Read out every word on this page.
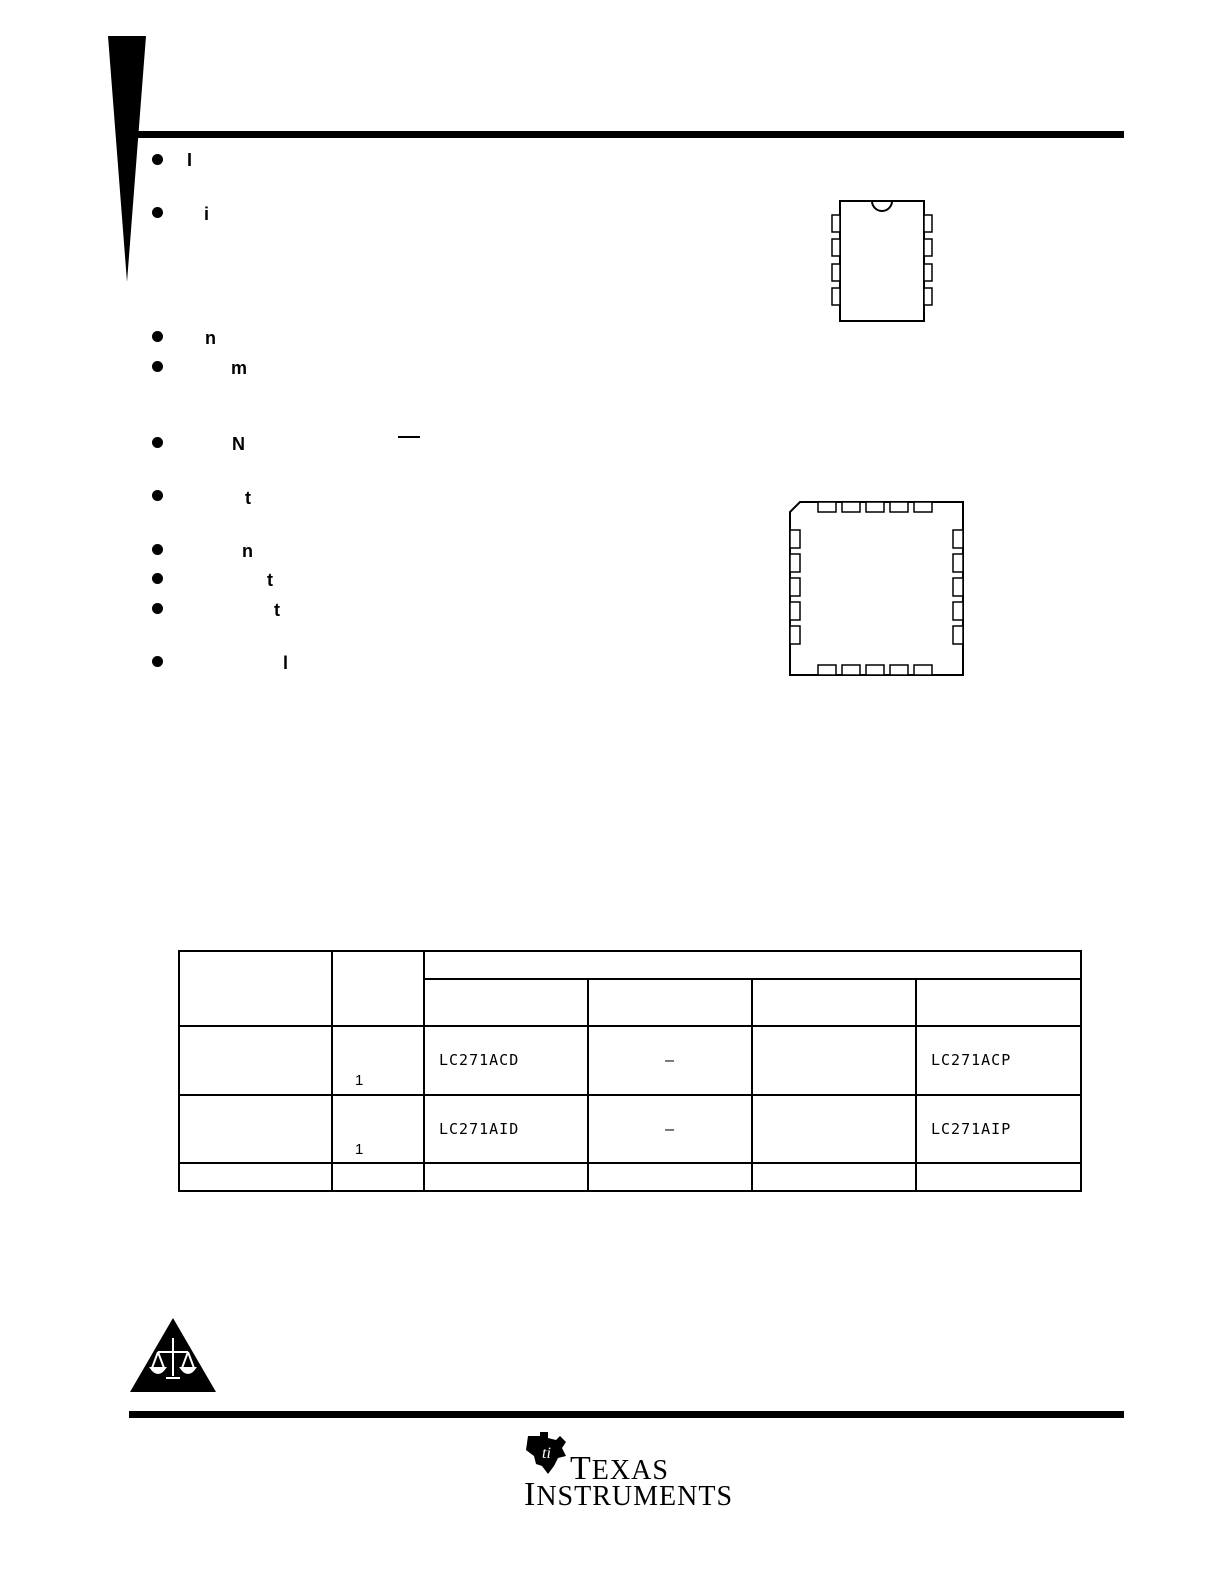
I
i
n
m
N
t
n
t
t
l

	1	LC271ACD	—		LC271ACP

	1	LC271AID	—		LC271AIP

ti TEXAS
INSTRUMENTS
